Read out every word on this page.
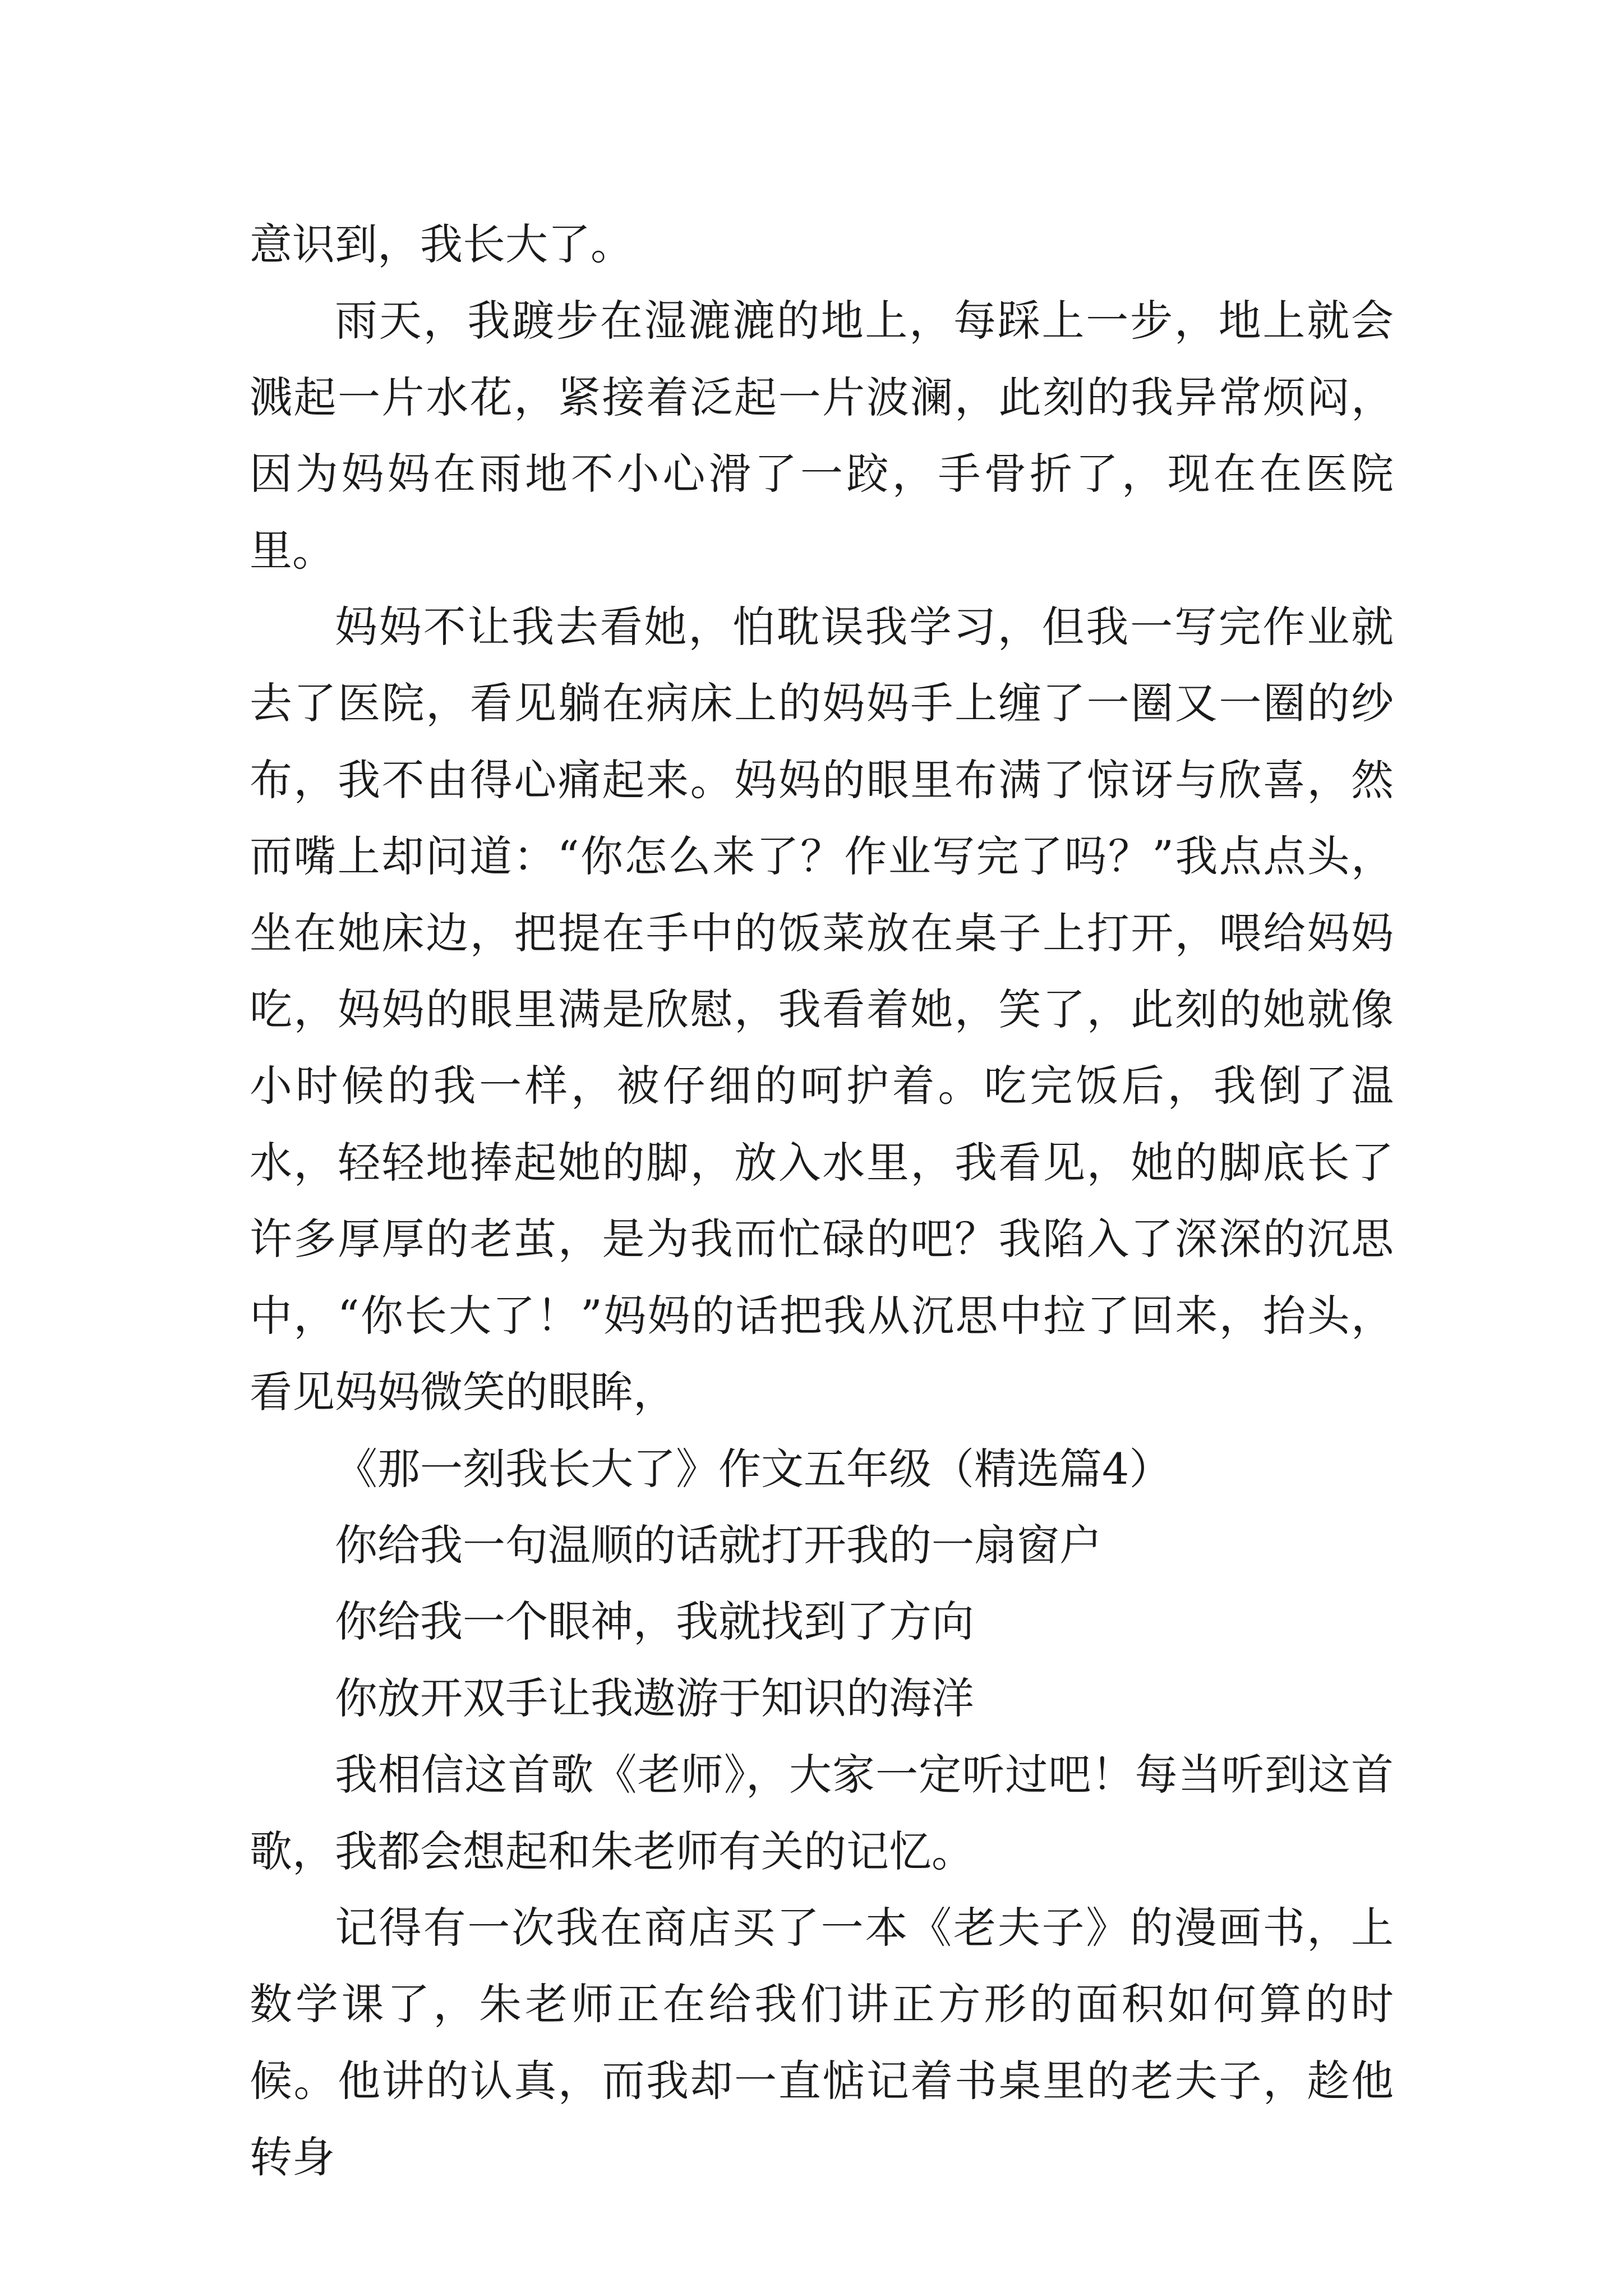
意识到，我长大了。

雨天，我踱步在湿漉漉的地上，每踩上一步，地上就会溅起一片水花，紧接着泛起一片波澜，此刻的我异常烦闷，因为妈妈在雨地不小心滑了一跤，手骨折了，现在在医院里。

妈妈不让我去看她，怕耽误我学习，但我一写完作业就去了医院，看见躺在病床上的妈妈手上缠了一圈又一圈的纱布，我不由得心痛起来。妈妈的眼里布满了惊讶与欣喜，然而嘴上却问道：“你怎么来了？作业写完了吗？”我点点头，坐在她床边，把提在手中的饭菜放在桌子上打开，喂给妈妈吃，妈妈的眼里满是欣慰，我看着她，笑了，此刻的她就像小时候的我一样，被仔细的呵护着。吃完饭后，我倒了温水，轻轻地捧起她的脚，放入水里，我看见，她的脚底长了许多厚厚的老茧，是为我而忙碌的吧？我陷入了深深的沉思中，“你长大了！”妈妈的话把我从沉思中拉了回来，抬头，看见妈妈微笑的眼眸，

《那一刻我长大了》作文五年级（精选篇4）

你给我一句温顺的话就打开我的一扇窗户

你给我一个眼神，我就找到了方向

你放开双手让我遨游于知识的海洋

我相信这首歌《老师》，大家一定听过吧！每当听到这首歌，我都会想起和朱老师有关的记忆。

记得有一次我在商店买了一本《老夫子》的漫画书，上数学课了，朱老师正在给我们讲正方形的面积如何算的时候。他讲的认真，而我却一直惦记着书桌里的老夫子，趁他转身
